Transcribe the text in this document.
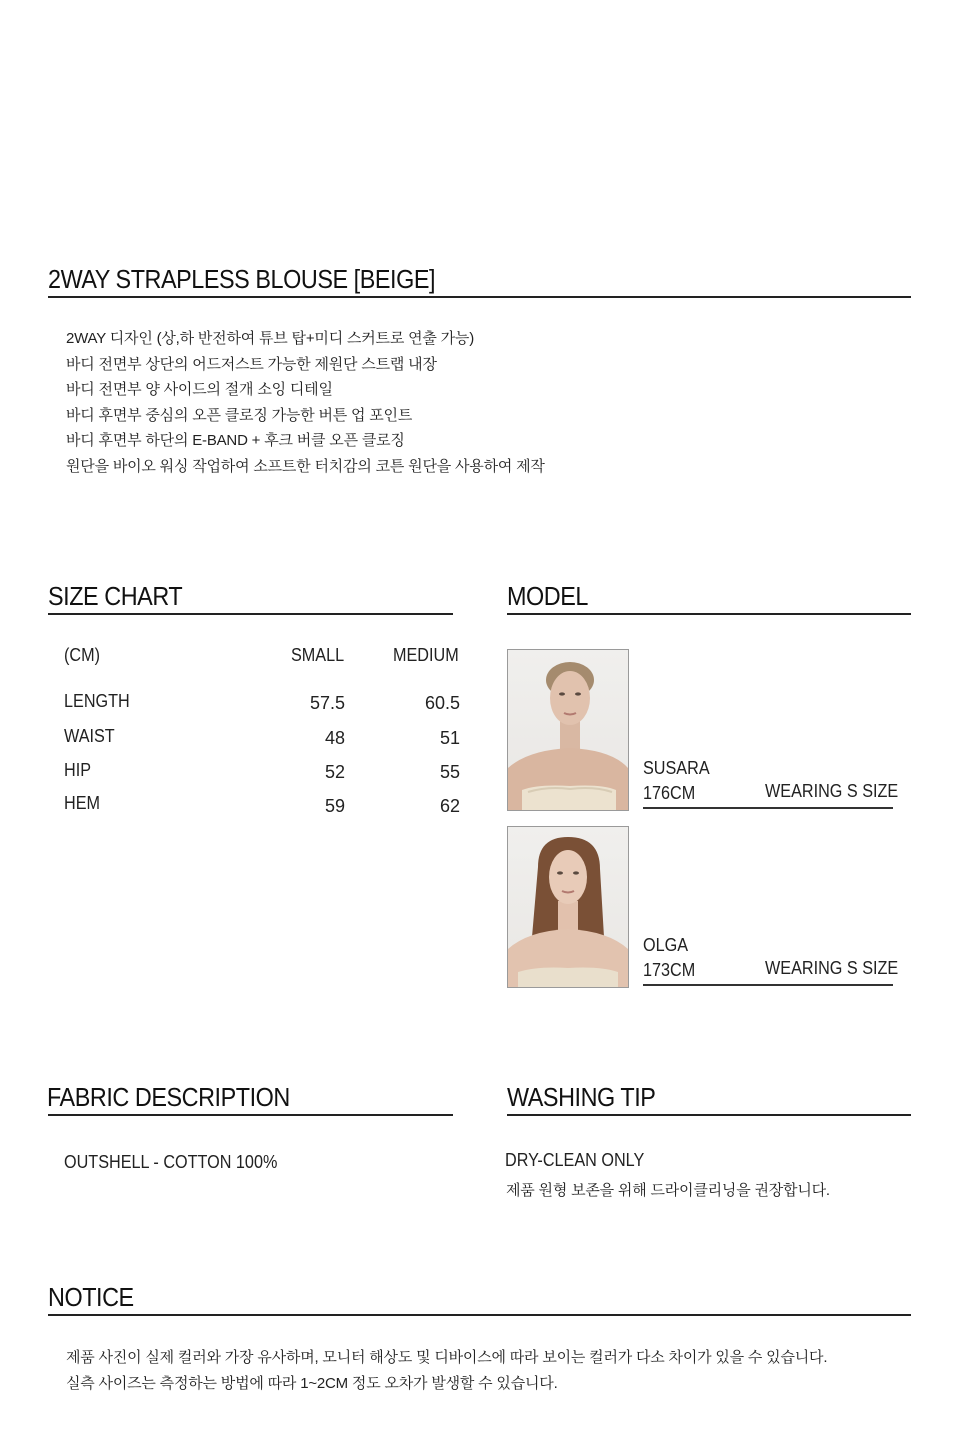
2WAY STRAPLESS BLOUSE [BEIGE]
2WAY 디자인 (상,하 반전하여 튜브 탑+미디 스커트로 연출 가능)
바디 전면부 상단의 어드저스트 가능한 제원단 스트랩 내장
바디 전면부 양 사이드의 절개 소잉 디테일
바디 후면부 중심의 오픈 클로징 가능한 버튼 업 포인트
바디 후면부 하단의 E-BAND + 후크 버클 오픈 클로징
원단을 바이오 워싱 작업하여 소프트한 터치감의 코튼 원단을 사용하여 제작
SIZE CHART
(CM)	SMALL	MEDIUM
LENGTH	57.5	60.5
WAIST	48	51
HIP	52	55
HEM	59	62
MODEL
SUSARA
176CM	WEARING S SIZE
OLGA
173CM	WEARING S SIZE
FABRIC DESCRIPTION
OUTSHELL - COTTON 100%
WASHING TIP
DRY-CLEAN ONLY
제품 원형 보존을 위해 드라이클리닝을 권장합니다.
NOTICE
제품 사진이 실제 컬러와 가장 유사하며, 모니터 해상도 및 디바이스에 따라 보이는 컬러가 다소 차이가 있을 수 있습니다.
실측 사이즈는 측정하는 방법에 따라 1~2CM 정도 오차가 발생할 수 있습니다.
